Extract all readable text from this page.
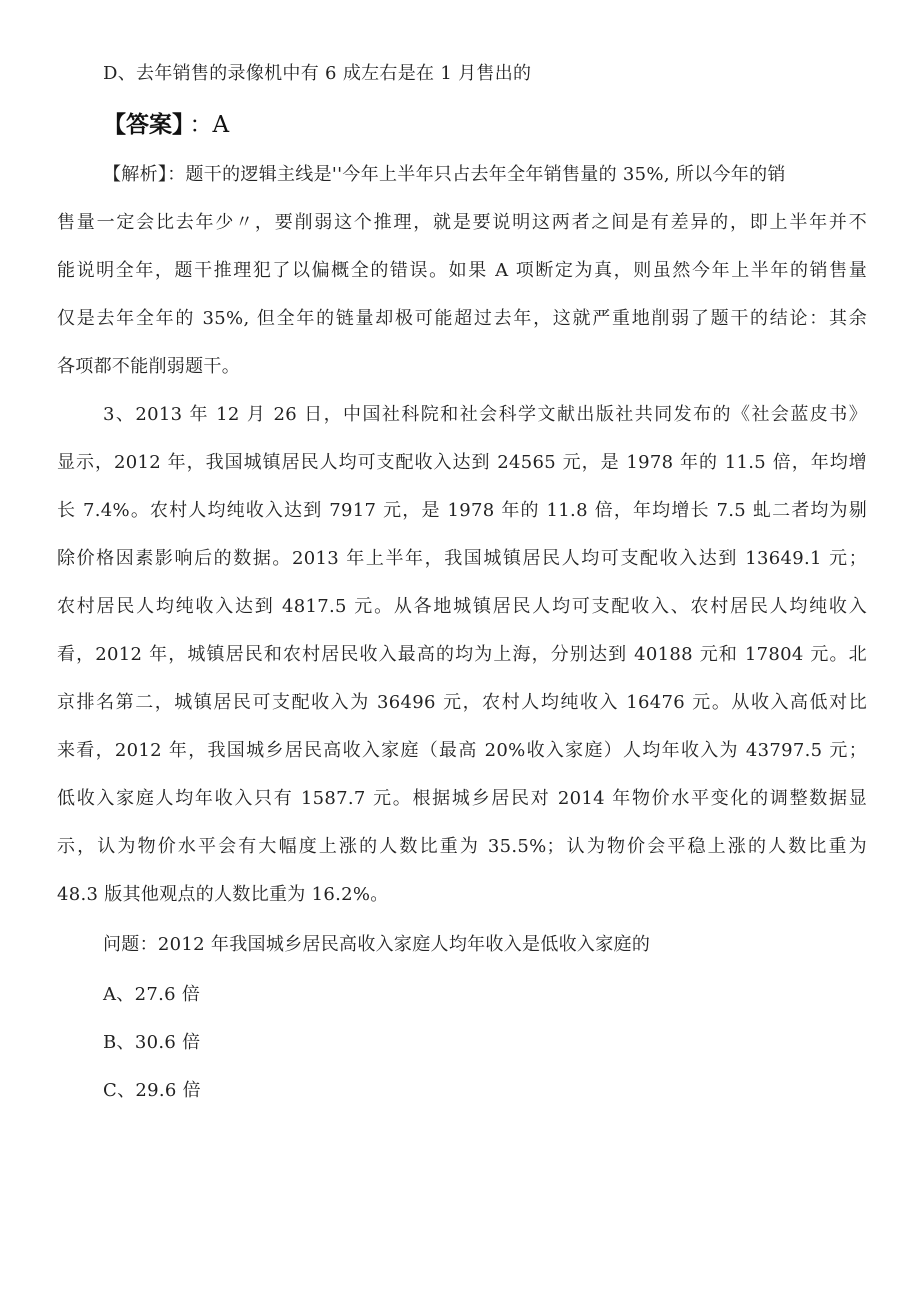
D、去年销售的录像机中有 6 成左右是在 1 月售出的
【答案】 ：A
【解析】：题干的逻辑主线是''今年上半年只占去年全年销售量的 35%, 所以今年的销
售量一定会比去年少〃，要削弱这个推理，就是要说明这两者之间是有差异的，即上半年并不
能说明全年，题干推理犯了以偏概全的错误。如果 A 项断定为真，则虽然今年上半年的销售量
仅是去年全年的 35%, 但全年的链量却极可能超过去年，这就严重地削弱了题干的结论：其余
各项都不能削弱题干。
3、2013 年 12 月 26 日，中国社科院和社会科学文献出版社共同发布的《社会蓝皮书》
显示，2012 年，我国城镇居民人均可支配收入达到 24565 元，是 1978 年的 11.5 倍，年均增
长 7.4%。农村人均纯收入达到 7917 元，是 1978 年的 11.8 倍，年均增长 7.5 虬二者均为剔
除价格因素影响后的数据。2013 年上半年，我国城镇居民人均可支配收入达到 13649.1 元；
农村居民人均纯收入达到 4817.5 元。从各地城镇居民人均可支配收入、农村居民人均纯收入
看，2012 年，城镇居民和农村居民收入最高的均为上海，分别达到 40188 元和 17804 元。北
京排名第二，城镇居民可支配收入为 36496 元，农村人均纯收入 16476 元。从收入高低对比
来看，2012 年，我国城乡居民高收入家庭（最高 20%收入家庭）人均年收入为 43797.5 元；
低收入家庭人均年收入只有 1587.7 元。根据城乡居民对 2014 年物价水平变化的调整数据显
示，认为物价水平会有大幅度上涨的人数比重为 35.5%；认为物价会平稳上涨的人数比重为
48.3 版其他观点的人数比重为 16.2%。
问题：2012 年我国城乡居民高收入家庭人均年收入是低收入家庭的
A、27.6 倍
B、30.6 倍
C、29.6 倍
